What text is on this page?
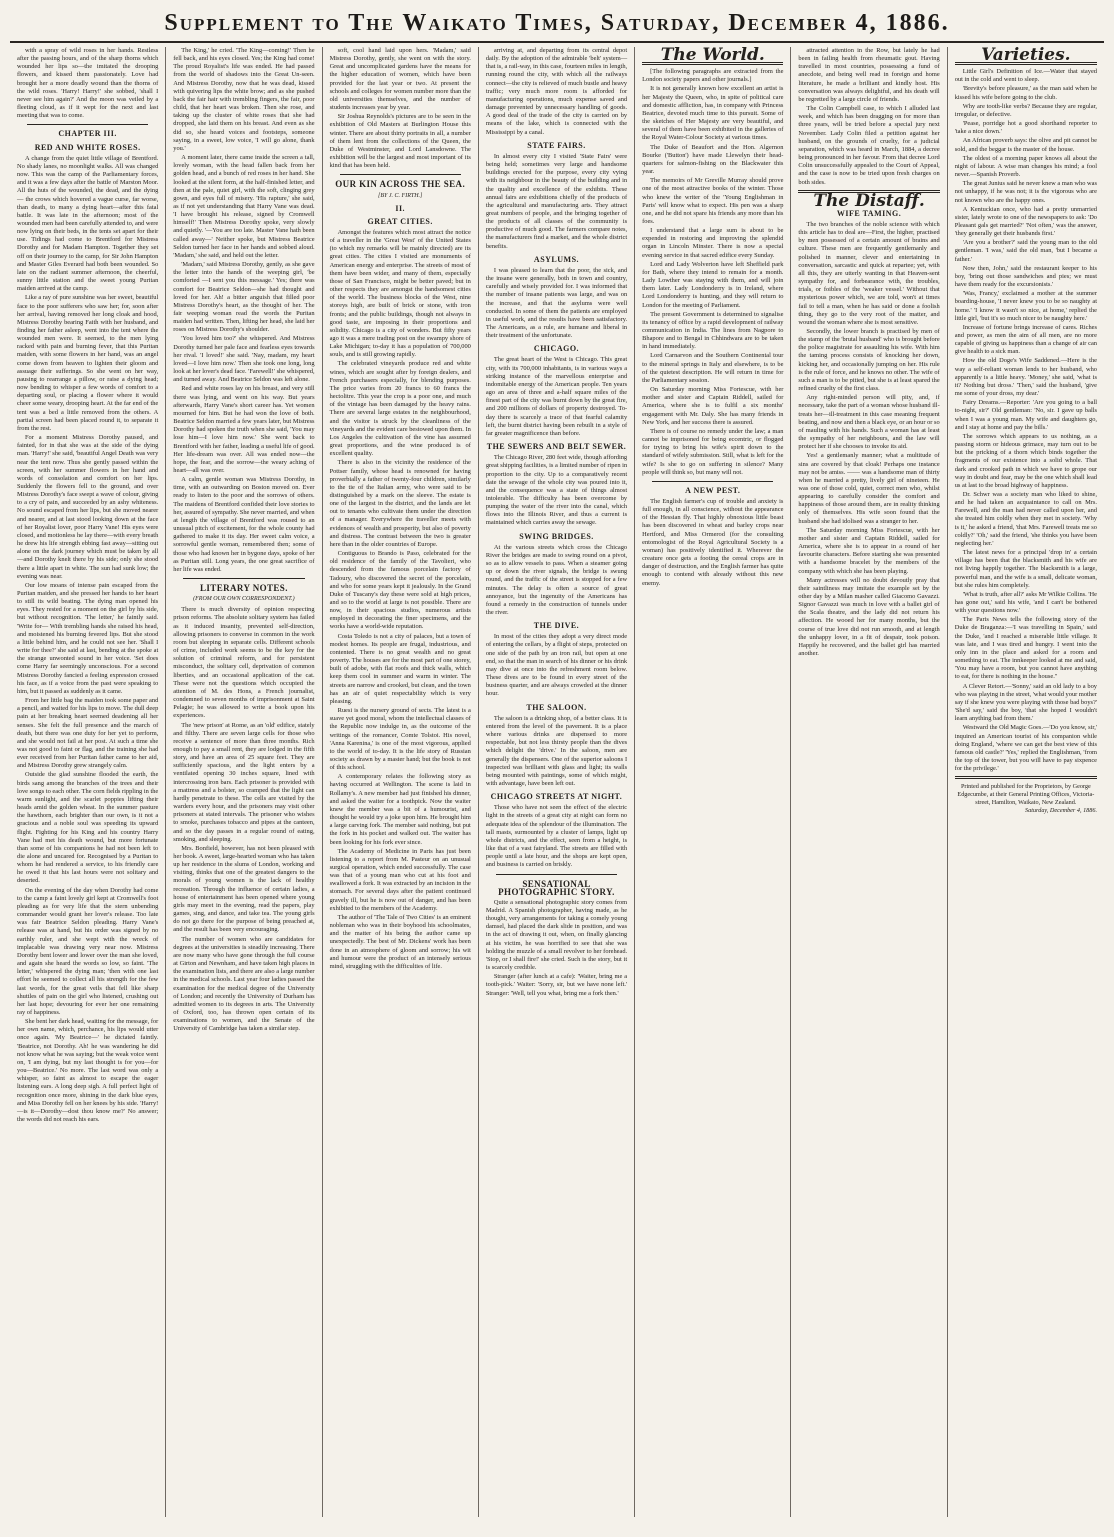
Supplement to The Waikato Times, Saturday, December 4, 1886.

with a spray of wild roses in her hands. Restless after the passing hours, and of the sharp thorns which wounded her lips so—the imitated the drooping flowers, and kissed them passionately. Love had brought her a more deadly wound than the thorns of the wild roses. 'Harry! Harry!' she sobbed, 'shall I never see him again?' And the moon was veiled by a fleeting cloud, as if it wept for the next and last meeting that was to come.

CHAPTER III.
RED AND WHITE ROSES.

A change from the quiet little village of Brentford. No shady lanes, no moonlight walks. All was changed now. This was the camp of the Parliamentary forces, and it was a few days after the battle of Marston Moor. All the huts of the wounded, the dead, and the dying — the crows which hovered a vague curse, far worse, than death, to many a dying heart—after this fatal battle. It was late in the afternoon; most of the wounded men had been carefully attended to, and were now lying on their beds, in the tents set apart for their use. Tidings had come to Brentford for Mistress Dorothy and for Madam Hampton. Together they set off on their journey to the camp, for Sir John Hampton and Master Giles Everard had both been wounded. So late on the radiant summer afternoon, the cheerful, sunny little station and the sweet young Puritan maiden arrived at the camp.

Like a ray of pure sunshine was her sweet, beautiful face to the poor sufferers who saw her; for, soon after her arrival, having removed her long cloak and hood, Mistress Dorothy bearing Faith with her husband, and finding her father asleep, went into the tent where the wounded men were. It seemed, to the men lying racked with pain and burning fever, that this Puritan maiden, with some flowers in her hand, was an angel come down from heaven to lighten their gloom and assuage their sufferings. So she went on her way, pausing to rearrange a pillow, or raise a dying head; now bending to whisper a few words of comfort to a departing soul, or placing a flower where it would cheer some weary, drooping heart. At the far end of the tent was a bed a little removed from the others. A partial screen had been placed round it, to separate it from the rest.

For a moment Mistress Dorothy paused, and fainted, for in that she was at the side of the dying man. 'Harry!' she said, 'beautiful Angel Death was very near the tent now. Thus she gently passed within the screen, with her summer flowers in her hand and words of consolation and comfort on her lips. Suddenly the flowers fell to the ground, and over Mistress Dorothy's face swept a wave of colour, giving to a cry of pain, and succeeded by an ashy whiteness. No sound escaped from her lips, but she moved nearer and nearer, and at last stood looking down at the face of her Royalist lover, poor Harry Vane! His eyes were closed, and motionless he lay there—with every breath he drew his life strength ebbing fast away—sitting out alone on the dark journey which must be taken by all—and Dorothy knelt there by his side; only she stood there a little apart in white. The sun had sunk low; the evening was near.

Our low moans of intense pain escaped from the Puritan maiden, and she pressed her hands to her heart to still its wild beating. The dying man opened his eyes. They rested for a moment on the girl by his side, but without recognition. 'The letter,' he faintly said. 'Write for— With trembling hands she raised his head, and moistened his burning fevered lips. But she stood a little behind him, and he could not see her. 'Shall I write for thee?' she said at last, bending at the spoke at the strange unwonted sound in her voice. 'Set does come Harry far seemingly unconscious. For a second Mistress Dorothy fancied a feeling expression crossed his face, as if a voice from the past were speaking to him, but it passed as suddenly as it came.

From her little bag the maiden took some paper and a pencil, and waited for his lips to move. The dull deep pain at her breaking heart seemed deadening all her senses. She felt the full presence and the march of death, but there was one duty for her yet to perform, and she would not fail at her post. At such a time she was not good to faint or flag, and the training she had ever received from her Puritan father came to her aid, and Mistress Dorothy grew strangely calm.

Outside the glad sunshine flooded the earth, the birds sang among the branches of the trees and their love songs to each other. The corn fields rippling in the warm sunlight, and the scarlet poppies lifting their heads amid the golden wheat. In the summer pasture the hawthorn, each brighter than our own, is it not a gracious and a noble soul was speeding its upward flight. Fighting for his King and his country Harry Vane had met his death wound, but more fortunate than some of his companions he had not been left to die alone and uncared for. Recognised by a Puritan to whom he had rendered a service, to his friendly care he owed it that his last hours were not solitary and deserted.

On the evening of the day when Dorothy had come to the camp a faint lovely girl kept at Cromwell's foot pleading as for very life that the stern unbending commander would grant her lover's release. Too late was fair Beatrice Seldon pleading. Harry Vane's release was at hand, but his order was signed by no earthly ruler, and she wept with the wreck of implacable was drawing very near now. Mistress Dorothy bent lower and lower over the man she loved, and again she heard the words so low, so faint. 'The letter,' whispered the dying man; 'then with one last effort he seemed to collect all his strength for the few last words, for the great veils that fell like sharp shuttles of pain on the girl who listened, crushing out her last hope; devouring for ever her one remaining ray of happiness.

She bent her dark head, waiting for the message, for her own name, which, perchance, his lips would utter once again. 'My Beatrice—' he dictated faintly. 'Beatrice, not Dorothy. Ah! he was wandering he did not know what he was saying; but the weak voice went on, 'I am dying, but my last thought is for you—for you—Beatrice.' No more. The last word was only a whisper, so faint as almost to escape the eager listening ears. A long deep sigh. A full perfect light of recognition once more, shining in the dark blue eyes, and Miss Dorothy fell on her knees by his side. 'Harry!—is it—Dorothy—dost thou know me?' No answer; the words did not reach his ears.

The King,' he cried. 'The King—coming!' Then he fell back, and his eyes closed. Yes; the King had come! The proud Royalist's life was ended. He had passed from the world of shadows into the Great Un-seen. And Mistress Dorothy, now that he was dead, kissed with quivering lips the white brow; and as she pushed back the fair hair with trembling fingers, the fair, poor child, that her heart was broken. Then she rose, and taking up the cluster of white roses that she had dropped, she laid them on his breast. And even as she did so, she heard voices and footsteps, someone saying, in a sweet, low voice, 'I will go alone, thank you.'

A moment later, there came inside the screen a tall, lovely woman, with the head fallen back from her golden head, and a bunch of red roses in her hand. She looked at the silent form, at the half-finished letter, and then at the pale, quiet girl, with the soft, clinging grey gown, and eyes full of misery. 'His rapture,' she said, as if not yet understanding that Harry Vane was dead. 'I have brought his release, signed by Cromwell himself!' Then Mistress Dorothy spoke, very slowly and quietly. '—You are too late. Master Vane hath been called away—' Neither spoke, but Mistress Beatrice Seldon turned her face in her hands and sobbed aloud. 'Madam,' she said, and held out the letter.

'Madam,' said Mistress Dorothy, gently, as she gave the letter into the hands of the weeping girl, 'be comforted —I sent you this message.' Yes; there was comfort for Beatrice Seldon—she had thought and loved for her. Ah! a bitter anguish that filled poor Mistress Dorothy's heart, as the thought of her. The fair weeping woman read the words the Puritan maiden had written. Then, lifting her head, she laid her roses on Mistress Dorothy's shoulder.

'You loved him too?' she whispered. And Mistress Dorothy turned her pale face and fearless eyes towards her rival. 'I loved!' she said. 'Nay, madam, my heart loved—I love him now.' Then she took one long, long look at her lover's dead face. 'Farewell!' she whispered, and turned away. And Beatrice Seldon was left alone.

Red and white roses lay on his breast, and very still there was lying, and went on his way. But years afterwards, Harry Vane's short career has. Yet women mourned for him. But he had won the love of both. Beatrice Seldon married a few years later, but Mistress Dorothy had spoken the truth when she said, 'You may lose him—I love him now.' She went back to Brentford with her father, leading a useful life of good. Her life-dream was over. All was ended now—the hope, the fear, and the sorrow—the weary aching of heart—all was over.

A calm, gentle woman was Mistress Dorothy, in time, with an outwarding on Boston moved on. Ever ready to listen to the poor and the sorrows of others. The maidens of Brentford confided their love stories to her, assured of sympathy. She never married, and when at length the village of Brentford was roused to an unusual pitch of excitement, for the whole county had gathered to make it its day. Her sweet calm voice, a sorrowful gentle woman, remembered then; some of those who had known her in bygone days, spoke of her as Puritan still. Long years, the one great sacrifice of her life was ended.

LITERARY NOTES.
(FROM OUR OWN CORRESPONDENT.)

There is much diversity of opinion respecting prison reforms. The absolute solitary system has failed as it induced insanity, prevented self-direction, allowing prisoners to converse in common in the work room but sleeping in separate cells. Different schools of crime, included work seems to be the key for the solution of criminal reform, and for persistent misconduct, the solitary cell, deprivation of common liberties, and an occasional application of the cat. These were not the questions which occupied the attention of M. des Hons, a French journalist, condemned to seven months of imprisonment at Saint Pelagie; he was allowed to write a book upon his experiences.

The 'new prison' at Rome, as an 'old' edifice, stately and filthy. There are seven large cells for those who receive a sentence of more than three months. Rich enough to pay a small rent, they are lodged in the fifth story, and have an area of 25 square feet. They are sufficiently spacious, and the light enters by a ventilated opening 30 inches square, lined with intercrossing iron bars. Each prisoner is provided with a mattress and a bolster, so cramped that the light can hardly penetrate to these. The cells are visited by the warders every hour, and the prisoners may visit other prisoners at stated intervals. The prisoner who wishes to smoke, purchases tobacco and pipes at the canteen, and so the day passes in a regular round of eating, smoking, and sleeping.

Mrs. Bonfield, however, has not been pleased with her book. A sweet, large-hearted woman who has taken up her residence in the slums of London, working and visiting, thinks that one of the greatest dangers to the morals of young women is the lack of healthy recreation. Through the influence of certain ladies, a house of entertainment has been opened where young girls may meet in the evening, read the papers, play games, sing, and dance, and take tea. The young girls do not go there for the purpose of being preached at, and the result has been very encouraging.

The number of women who are candidates for degrees at the universities is steadily increasing. There are now many who have gone through the full course at Girton and Newnham, and have taken high places in the examination lists, and there are also a large number in the medical schools. Last year four ladies passed the examination for the medical degree of the University of London; and recently the University of Durham has admitted women to its degrees in arts. The University of Oxford, too, has thrown open certain of its examinations to women, and the Senate of the University of Cambridge has taken a similar step.

soft, cool hand laid upon hers. 'Madam,' said Mistress Dorothy, gently, she went on with the story. Great and uncomplicated gardens have the means for the higher education of women, which have been provided for the last year or two. At present the schools and colleges for women number more than the old universities themselves, and the number of students increases year by year.

Sir Joshua Reynolds's pictures are to be seen in the exhibition of Old Masters at Burlington House this winter. There are about thirty portraits in all, a number of them lent from the collections of the Queen, the Duke of Westminster, and Lord Lansdowne. The exhibition will be the largest and most important of its kind that has been held.

OUR KIN ACROSS THE SEA.
[BY J. C. FIRTH.]
II.
GREAT CITIES.

Amongst the features which most attract the notice of a traveller in the 'Great West' of the United States (to which my remarks will be mainly directed) are its great cities. The cities I visited are monuments of American energy and enterprise. The streets of most of them have been wider, and many of them, especially those of San Francisco, might be better paved; but in other respects they are amongst the handsomest cities of the world. The business blocks of the West, nine storeys high, are built of brick or stone, with iron fronts; and the public buildings, though not always in good taste, are imposing in their proportions and solidity. Chicago is a city of wonders. But fifty years ago it was a mere trading post on the swampy shore of Lake Michigan; to-day it has a population of 700,000 souls, and is still growing rapidly.

The celebrated vineyards produce red and white wines, which are sought after by foreign dealers, and French purchasers especially, for blending purposes. The price varies from 20 francs to 60 francs the hectolitre. This year the crop is a poor one, and much of the vintage has been damaged by the heavy rains. There are several large estates in the neighbourhood, and the visitor is struck by the cleanliness of the vineyards and the evident care bestowed upon them. In Los Angeles the cultivation of the vine has assumed great proportions, and the wine produced is of excellent quality.

There is also in the vicinity the residence of the Pottser family, whose head is renowned for having proverbially a father of twenty-four children, similarly to the tie of the Italian army, who were said to be distinguished by a mark on the sleeve. The estate is one of the largest in the district, and the lands are let out to tenants who cultivate them under the direction of a manager. Everywhere the traveller meets with evidences of wealth and prosperity, but also of poverty and distress. The contrast between the two is greater here than in the older countries of Europe.

Contiguous to Brando is Paso, celebrated for the old residence of the family of the Tavolieri, who descended from the famous porcelain factory of Tadoury, who discovered the secret of the porcelain, and who for some years kept it jealously. In the Grand Duke of Tuscany's day these were sold at high prices, and so to the world at large is not possible. There are now, in their spacious studios, numerous artists employed in decorating the finer specimens, and the works have a world-wide reputation.

Costa Toledo is not a city of palaces, but a town of modest homes. Its people are frugal, industrious, and contented. There is no great wealth and no great poverty. The houses are for the most part of one storey, built of adobe, with flat roofs and thick walls, which keep them cool in summer and warm in winter. The streets are narrow and crooked, but clean, and the town has an air of quiet respectability which is very pleasing.

Ruesi is the nursery ground of sects. The latest is a suave yet good moral, whom the intellectual classes of the Republic now indulge in, as the outcome of the writings of the romancer, Comte Tolstoi. His novel, 'Anna Karenina,' is one of the most vigorous, applied to the world of to-day. It is the life story of Russian society as drawn by a master hand; but the book is not of this school.

A contemporary relates the following story as having occurred at Wellington. The scene is laid in Rollamy's. A new member had just finished his dinner, and asked the waiter for a toothpick. Now the waiter knew the member was a bit of a humourist, and thought he would try a joke upon him. He brought him a large carving fork. The member said nothing, but put the fork in his pocket and walked out. The waiter has been looking for his fork ever since.

The Academy of Medicine in Paris has just been listening to a report from M. Pasteur on an unusual surgical operation, which ended successfully. The case was that of a young man who cut at his foot and swallowed a fork. It was extracted by an incision in the stomach. For several days after the patient continued gravely ill, but he is now out of danger, and has been exhibited to the members of the Academy.

The author of 'The Tale of Two Cities' is an eminent nobleman who was in their boyhood his schoolmates, and the matter of his being the author came up unexpectedly. The best of Mr. Dickens' work has been done in an atmosphere of gloom and sorrow; his wit and humour were the product of an intensely serious mind, struggling with the difficulties of life.

arriving at, and departing from its central depot daily. By the adoption of the admirable 'belt' system—that is, a rail-way, in this case, fourteen miles in length, running round the city, with which all the railways connect—the city is relieved of much bustle and heavy traffic; very much more room is afforded for manufacturing operations, much expense saved and damage prevented by unnecessary handling of goods. A good deal of the trade of the city is carried on by means of the lake, which is connected with the Mississippi by a canal.

STATE FAIRS.

In almost every city I visited 'State Fairs' were being held; sometimes very large and handsome buildings erected for the purpose, every city vying with its neighbour in the beauty of the building and in the quality and excellence of the exhibits. These annual fairs are exhibitions chiefly of the products of the agricultural and manufacturing arts. They attract great numbers of people, and the bringing together of the products of all classes of the community is productive of much good. The farmers compare notes, the manufacturers find a market, and the whole district benefits.

ASYLUMS.

I was pleased to learn that the poor, the sick, and the insane were generally, both in town and country, carefully and wisely provided for. I was informed that the number of insane patients was large, and was on the increase, and that the asylums were well conducted. In some of them the patients are employed in useful work, and the results have been satisfactory. The Americans, as a rule, are humane and liberal in their treatment of the unfortunate.

CHICAGO.

The great heart of the West is Chicago. This great city, with its 700,000 inhabitants, is in various ways a striking instance of the marvellous enterprise and indomitable energy of the American people. Ten years ago an area of three and a-half square miles of the finest part of the city was burnt down by the great fire, and 200 millions of dollars of property destroyed. To-day there is scarcely a trace of that fearful calamity left, the burnt district having been rebuilt in a style of far greater magnificence than before.

THE SEWERS AND BELT SEWER.

The Chicago River, 280 feet wide, though affording great shipping facilities, is a limited number of ripen in proportion to the city. Up to a comparatively recent date the sewage of the whole city was poured into it, and the consequence was a state of things almost intolerable. The difficulty has been overcome by pumping the water of the river into the canal, which flows into the Illinois River, and thus a current is maintained which carries away the sewage.

SWING BRIDGES.

At the various streets which cross the Chicago River the bridges are made to swing round on a pivot, so as to allow vessels to pass. When a steamer going up or down the river signals, the bridge is swung round, and the traffic of the street is stopped for a few minutes. The delay is often a source of great annoyance, but the ingenuity of the Americans has found a remedy in the construction of tunnels under the river.

THE DIVE.

In most of the cities they adopt a very direct mode of entering the cellars, by a flight of steps, protected on one side of the path by an iron rail, but open at one end, so that the man in search of his dinner or his drink may dive at once into the refreshment room below. These dives are to be found in every street of the business quarter, and are always crowded at the dinner hour.

THE SALOON.

The saloon is a drinking shop, of a better class. It is entered from the level of the pavement. It is a place where various drinks are dispensed to more respectable, but not less thirsty people than the dives which delight the 'drive.' In the saloon, men are generally the dispensers. One of the superior saloons I inspected was brilliant with glass and light; its walls being mounted with paintings, some of which might, with advantage, have been left out.

CHICAGO STREETS AT NIGHT.

Those who have not seen the effect of the electric light in the streets of a great city at night can form no adequate idea of the splendour of the illumination. The tall masts, surmounted by a cluster of lamps, light up whole districts, and the effect, seen from a height, is like that of a vast fairyland. The streets are filled with people until a late hour, and the shops are kept open, and business is carried on briskly.

SENSATIONAL PHOTOGRAPHIC STORY.

Quite a sensational photographic story comes from Madrid. A Spanish photographer, having made, as he thought, very arrangements for taking a comely young damsel, had placed the dark slide in position, and was in the act of drawing it out, when, on finally glancing at his victim, he was horrified to see that she was holding the muzzle of a small revolver to her forehead. 'Stop, or I shall fire!' she cried. Such is the story, but it is scarcely credible.

Stranger (after lunch at a cafe): 'Waiter, bring me a tooth-pick.' Waiter: 'Sorry, sir, but we have none left.' Stranger: 'Well, tell you what, bring me a fork then.'

The World.

[The following paragraphs are extracted from the London society papers and other journals.]

It is not generally known how excellent an artist is her Majesty the Queen, who, in spite of political care and domestic affliction, has, in company with Princess Beatrice, devoted much time to this pursuit. Some of the sketches of Her Majesty are very beautiful, and several of them have been exhibited in the galleries of the Royal Water-Colour Society at various times.

The Duke of Beaufort and the Hon. Algernon Bourke ('Button') have made Llewelyn their head-quarters for salmon-fishing on the Blackwater this year.

The memoirs of Mr Greville Murray should prove one of the most attractive books of the winter. Those who knew the writer of the 'Young Englishman in Paris' will know what to expect. His pen was a sharp one, and he did not spare his friends any more than his foes.

I understand that a large sum is about to be expended in restoring and improving the splendid organ in Lincoln Minster. There is now a special evening service in that sacred edifice every Sunday.

Lord and Lady Wolverton have left Sheffield park for Bath, where they intend to remain for a month. Lady Lowther was staying with them, and will join them later. Lady Londonderry is in Ireland, where Lord Londonderry is hunting, and they will return to London for the meeting of Parliament.

The present Government is determined to signalise its tenancy of office by a rapid development of railway communication in India. The lines from Nagpore to Bhapore and to Bengal in Chhindwara are to be taken in hand immediately.

Lord Carnarvon and the Southern Continental tour to the mineral springs in Italy and elsewhere, is to be of the quietest description. He will return in time for the Parliamentary session.

On Saturday morning Miss Fortescue, with her mother and sister and Captain Riddell, sailed for America, where she is to fulfil a six months' engagement with Mr. Daly. She has many friends in New York, and her success there is assured.

There is of course no remedy under the law; a man cannot be imprisoned for being eccentric, or flogged for trying to bring his wife's spirit down to the standard of wifely submission. Still, what is left for the wife? Is she to go on suffering in silence? Many people will think so, but many will not.

A NEW PEST.

The English farmer's cup of trouble and anxiety is full enough, in all conscience, without the appearance of the Hessian fly. That highly obnoxious little beast has been discovered in wheat and barley crops near Hertford, and Miss Ormerod (for the consulting entomologist of the Royal Agricultural Society is a woman) has positively identified it. Wherever the creature once gets a footing the cereal crops are in danger of destruction, and the English farmer has quite enough to contend with already without this new enemy.

attracted attention in the Row, but lately he had been in failing health from rheumatic gout. Having travelled in most countries, possessing a fund of anecdote, and being well read in foreign and home literature, he made a brilliant and kindly host. His conversation was always delightful, and his death will be regretted by a large circle of friends.

The Colin Campbell case, to which I alluded last week, and which has been dragging on for more than three years, will be tried before a special jury next November. Lady Colin filed a petition against her husband, on the grounds of cruelty, for a judicial separation, which was heard in March, 1884, a decree being pronounced in her favour. From that decree Lord Colin unsuccessfully appealed to the Court of Appeal, and the case is now to be tried upon fresh charges on both sides.

The Distaff.
WIFE TAMING.

The two branches of the noble science with which this article has to deal are—First, the higher, practised by men possessed of a certain amount of brains and culture. These men are frequently gentlemanly and polished in manner, clever and entertaining in conversation, sarcastic and quick at repartee; yet, with all this, they are utterly wanting in that Heaven-sent sympathy for, and forbearance with, the troubles, trials, or foibles of the 'weaker vessel.' Without that mysterious power which, we are told, won't at times fail to tell a man, when he has said or done a foolish thing, they go to the very root of the matter, and wound the woman where she is most sensitive.

Secondly, the lower branch is practised by men of the stamp of the 'brutal husband' who is brought before the police magistrate for assaulting his wife. With him the taming process consists of knocking her down, kicking her, and occasionally jumping on her. His rule is the rule of force, and he knows no other. The wife of such a man is to be pitied, but she is at least spared the refined cruelty of the first class.

Any right-minded person will pity, and, if necessary, take the part of a woman whose husband ill-treats her—ill-treatment in this case meaning frequent beating, and now and then a black eye, or an hour or so of mauling with his hands. Such a woman has at least the sympathy of her neighbours, and the law will protect her if she chooses to invoke its aid.

Yes! a gentlemanly manner; what a multitude of sins are covered by that cloak! Perhaps one instance may not be amiss. —— was a handsome man of thirty when he married a pretty, lively girl of nineteen. He was one of those cold, quiet, correct men who, whilst appearing to carefully consider the comfort and happiness of those around them, are in reality thinking only of themselves. His wife soon found that the husband she had idolised was a stranger to her.

The Saturday morning Miss Fortescue, with her mother and sister and Captain Riddell, sailed for America, where she is to appear in a round of her favourite characters. Before starting she was presented with a handsome bracelet by the members of the company with which she has been playing.

Many actresses will no doubt devoutly pray that their saintliness may imitate the example set by the other day by a Milan masher called Giacomo Gavazzi. Signor Gavazzi was much in love with a ballet girl of the Scala theatre, and the lady did not return his affection. He wooed her for many months, but the course of true love did not run smooth, and at length the unhappy lover, in a fit of despair, took poison. Happily he recovered, and the ballet girl has married another.

Varieties.

Little Girl's Definition of Ice.—Water that stayed out in the cold and went to sleep.

'Brevity's before pleasure,' as the man said when he kissed his wife before going to the club.

Why are tooth-like verbs? Because they are regular, irregular, or defective.

'Pease, porridge hot a good shorthand reporter to 'take a nice down.'

An African proverb says: the olive and pit cannot be sold, and the beggar is the master of the house.

The oldest of a morning paper knows all about the night of labour. A wise man changes his mind; a fool never.—Spanish Proverb.

The great Junius said he never knew a man who was not unhappy, if he was not; it is the vigorous who are not known who are the happy ones.

A Kentuckian once, who had a pretty unmarried sister, lately wrote to one of the newspapers to ask: 'Do Pleasant gals get married?' 'Not often,' was the answer, 'they generally get their husbands first.'

'Are you a brother?' said the young man to the old gentleman. 'I was,' said the old man, 'but I became a father.'

Now then, John,' said the restaurant keeper to his boy, 'bring out those sandwiches and pies; we must have them ready for the excursionists.'

'Was, Francy,' exclaimed a mother at the summer boarding-house, 'I never knew you to be so naughty at home.' 'I know it wasn't so nice, at home,' replied the little girl, 'but it's so much nicer to be naughty here.'

Increase of fortune brings increase of cares. Riches and power, as men the aim of all men, are no more capable of giving us happiness than a change of air can give health to a sick man.

How the old Doge's Wife Saddened.—Here is the way a self-reliant woman lends to her husband, who apparently is a little heavy. 'Money,' she said, 'what is it? Nothing but dross.' 'Then,' said the husband, 'give me some of your dross, my dear.'

Fairy Dreams.—Reporter: 'Are you going to a ball to-night, sir?' Old gentleman: 'No, sir. I gave up balls when I was a young man. My wife and daughters go, and I stay at home and pay the bills.'

The sorrows which appears to us nothing, as a passing storm or hideous grimace, may turn out to be but the pricking of a thorn which binds together the fragments of our existence into a solid whole. That dark and crooked path in which we have to grope our way in doubt and fear, may be the one which shall lead us at last to the broad highway of happiness.

Dr. Schwr was a society man who liked to shine, and he had taken an acquaintance to call on Mrs. Farewell, and the man had never called upon her, and she treated him coldly when they met in society. 'Why is it,' he asked a friend, 'that Mrs. Farewell treats me so coldly?' 'Oh,' said the friend, 'she thinks you have been neglecting her.'

The latest news for a principal 'drop in' a certain village has been that the blacksmith and his wife are not living happily together. The blacksmith is a large, powerful man, and the wife is a small, delicate woman, but she rules him completely.

'What is truth, after all?' asks Mr Wilkie Collins. 'He has gone out,' said his wife, 'and I can't be bothered with your questions now.'

The Paris News tells the following story of the Duke de Braganza:—'I was travelling in Spain,' said the Duke, 'and I reached a miserable little village. It was late, and I was tired and hungry. I went into the only inn in the place and asked for a room and something to eat. The innkeeper looked at me and said, 'You may have a room, but you cannot have anything to eat, for there is nothing in the house.''

A Clever Retort.—'Sonny,' said an old lady to a boy who was playing in the street, 'what would your mother say if she knew you were playing with those bad boys?' 'She'd say,' said the boy, 'that she hoped I wouldn't learn anything bad from them.'

Westward the Old Magic Goes.—'Do you know, sir,' inquired an American tourist of his companion while doing England, 'where we can get the best view of this famous old castle?' 'Yes,' replied the Englishman, 'from the top of the tower, but you will have to pay sixpence for the privilege.'

Printed and published for the Proprietors, by George Edgecumbe, at their General Printing Offices, Victoria-street, Hamilton, Waikato, New Zealand.
Saturday, December 4, 1886.
